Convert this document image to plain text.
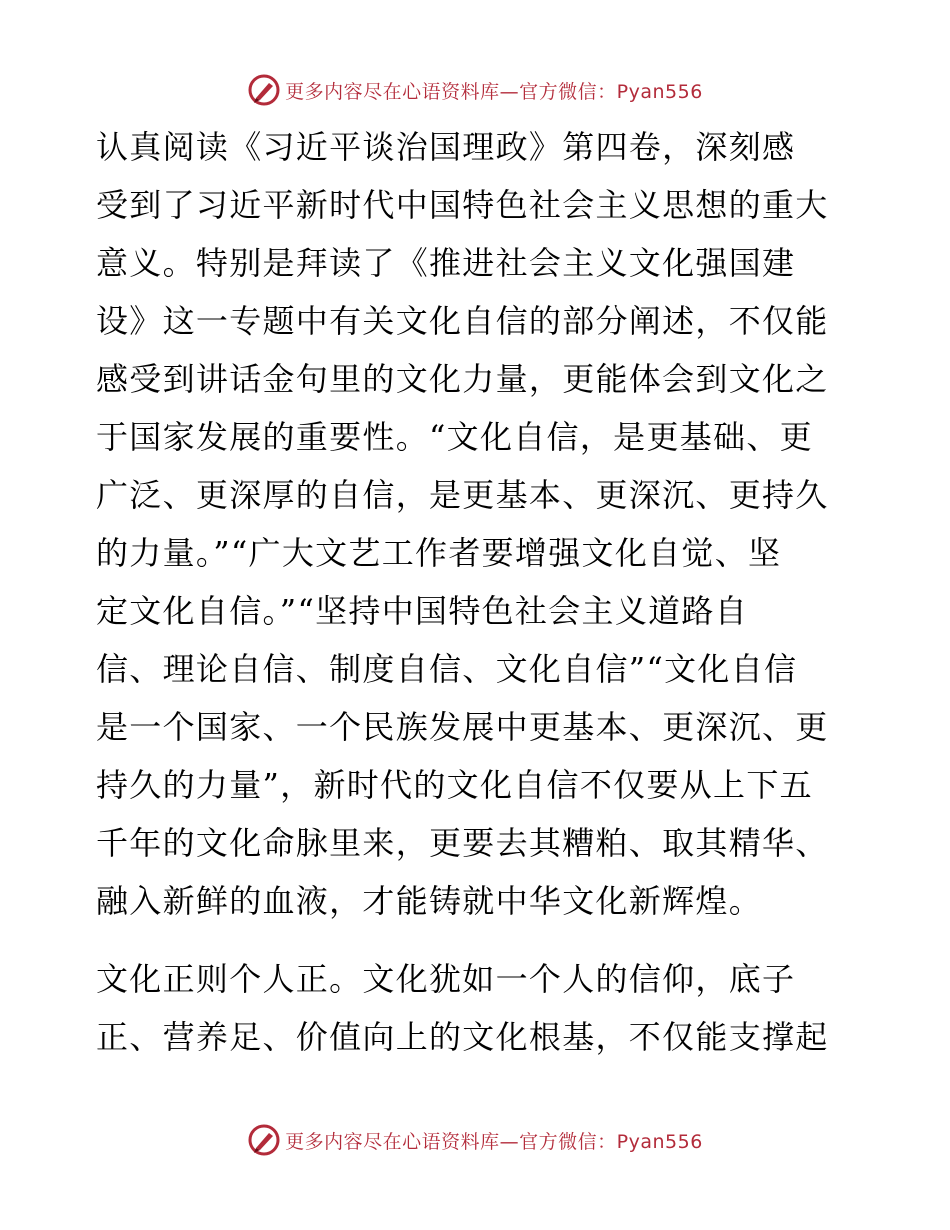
更多内容尽在心语资料库—官方微信：Pyan556
认真阅读《习近平谈治国理政》第四卷，深刻感
受到了习近平新时代中国特色社会主义思想的重大
意义。特别是拜读了《推进社会主义文化强国建
设》这一专题中有关文化自信的部分阐述，不仅能
感受到讲话金句里的文化力量，更能体会到文化之
于国家发展的重要性。“文化自信，是更基础、更
广泛、更深厚的自信，是更基本、更深沉、更持久
的力量。”“广大文艺工作者要增强文化自觉、坚
定文化自信。”“坚持中国特色社会主义道路自
信、理论自信、制度自信、文化自信”“文化自信
是一个国家、一个民族发展中更基本、更深沉、更
持久的力量”，新时代的文化自信不仅要从上下五
千年的文化命脉里来，更要去其糟粕、取其精华、
融入新鲜的血液，才能铸就中华文化新辉煌。
文化正则个人正。文化犹如一个人的信仰，底子
正、营养足、价值向上的文化根基，不仅能支撑起
更多内容尽在心语资料库—官方微信：Pyan556
